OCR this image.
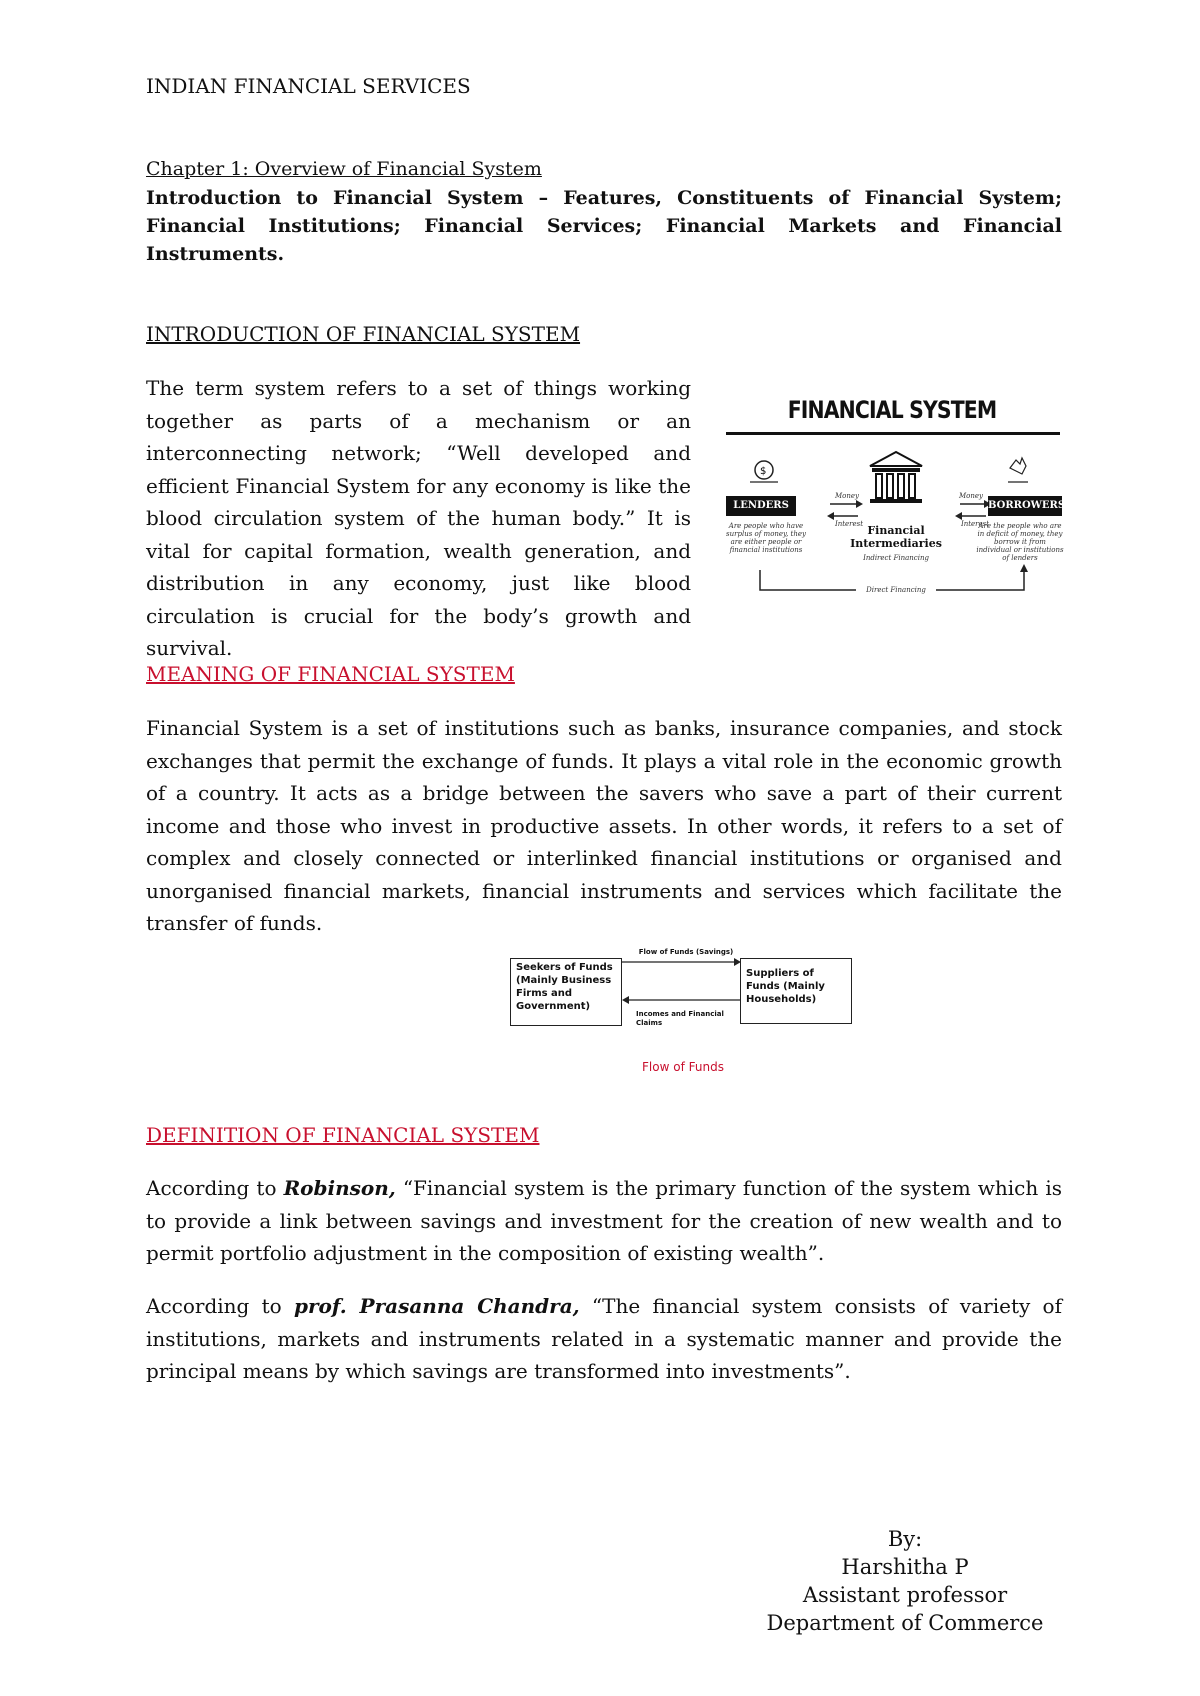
INDIAN FINANCIAL SERVICES
Chapter 1: Overview of Financial System
Introduction to Financial System – Features, Constituents of Financial System; Financial Institutions; Financial Services; Financial Markets and Financial Instruments.
INTRODUCTION OF FINANCIAL SYSTEM
The term system refers to a set of things working together as parts of a mechanism or an interconnecting network; “Well developed and efficient Financial System for any economy is like the blood circulation system of the human body.” It is vital for capital formation, wealth generation, and distribution in any economy, just like blood circulation is crucial for the body’s growth and survival.
FINANCIAL SYSTEM
$
LENDERS	BORROWERS
Money
Interest
Money
Interest
Financial
Intermediaries
Indirect Financing
Are people who have surplus of money, they are either people or financial institutions
Are the people who are in deficit of money, they borrow it from individual or institutions of lenders
Direct Financing
MEANING OF FINANCIAL SYSTEM
Financial System is a set of institutions such as banks, insurance companies, and stock exchanges that permit the exchange of funds. It plays a vital role in the economic growth of a country. It acts as a bridge between the savers who save a part of their current income and those who invest in productive assets. In other words, it refers to a set of complex and closely connected or interlinked financial institutions or organised and unorganised financial markets, financial instruments and services which facilitate the transfer of funds.
Flow of Funds (Savings)
Seekers of Funds
(Mainly Business
Firms and
Government)
Suppliers of
Funds (Mainly
Households)
Incomes and Financial
Claims
Flow of Funds
DEFINITION OF FINANCIAL SYSTEM
According to Robinson, “Financial system is the primary function of the system which is to provide a link between savings and investment for the creation of new wealth and to permit portfolio adjustment in the composition of existing wealth”.
According to prof. Prasanna Chandra, “The financial system consists of variety of institutions, markets and instruments related in a systematic manner and provide the principal means by which savings are transformed into investments”.
By:
Harshitha P
Assistant professor
Department of Commerce
